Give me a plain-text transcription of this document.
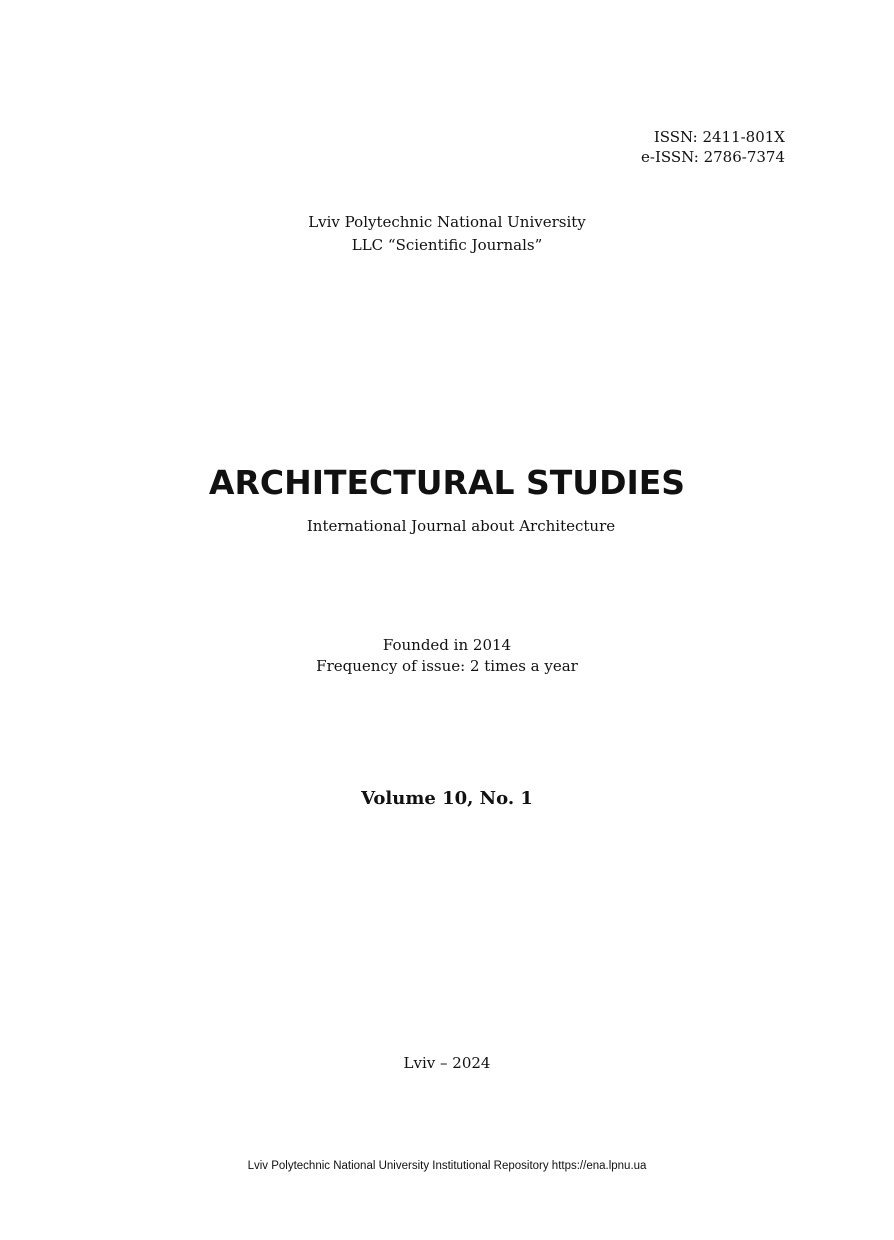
ISSN: 2411-801X
e-ISSN: 2786-7374
Lviv Polytechnic National University
LLC “Scientific Journals”
ARCHITECTURAL STUDIES
International Journal about Architecture
Founded in 2014
Frequency of issue: 2 times a year
Volume 10, No. 1
Lviv – 2024
Lviv Polytechnic National University Institutional Repository https://ena.lpnu.ua
